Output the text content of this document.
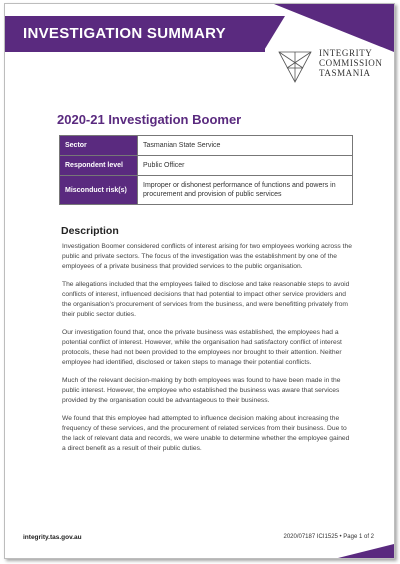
INVESTIGATION SUMMARY
INTEGRITY
COMMISSION
TASMANIA
2020-21 Investigation Boomer
Sector	Tasmanian State Service
Respondent level	Public Officer
Misconduct risk(s)	Improper or dishonest performance of functions and powers in procurement and provision of public services
Description

Investigation Boomer considered conflicts of interest arising for two employees working across the public and private sectors. The focus of the investigation was the establishment by one of the employees of a private business that provided services to the public organisation.

The allegations included that the employees failed to disclose and take reasonable steps to avoid conflicts of interest, influenced decisions that had potential to impact other service providers and the organisation's procurement of services from the business, and were benefitting privately from their public sector duties.

Our investigation found that, once the private business was established, the employees had a potential conflict of interest. However, while the organisation had satisfactory conflict of interest protocols, these had not been provided to the employees nor brought to their attention. Neither employee had identified, disclosed or taken steps to manage their potential conflicts.

Much of the relevant decision-making by both employees was found to have been made in the public interest. However, the employee who established the business was aware that services provided by the organisation could be advantageous to their business.

We found that this employee had attempted to influence decision making about increasing the frequency of these services, and the procurement of related services from their business. Due to the lack of relevant data and records, we were unable to determine whether the employee gained a direct benefit as a result of their public duties.

integrity.tas.gov.au	2020/07187 ICI1525 • Page 1 of 2
